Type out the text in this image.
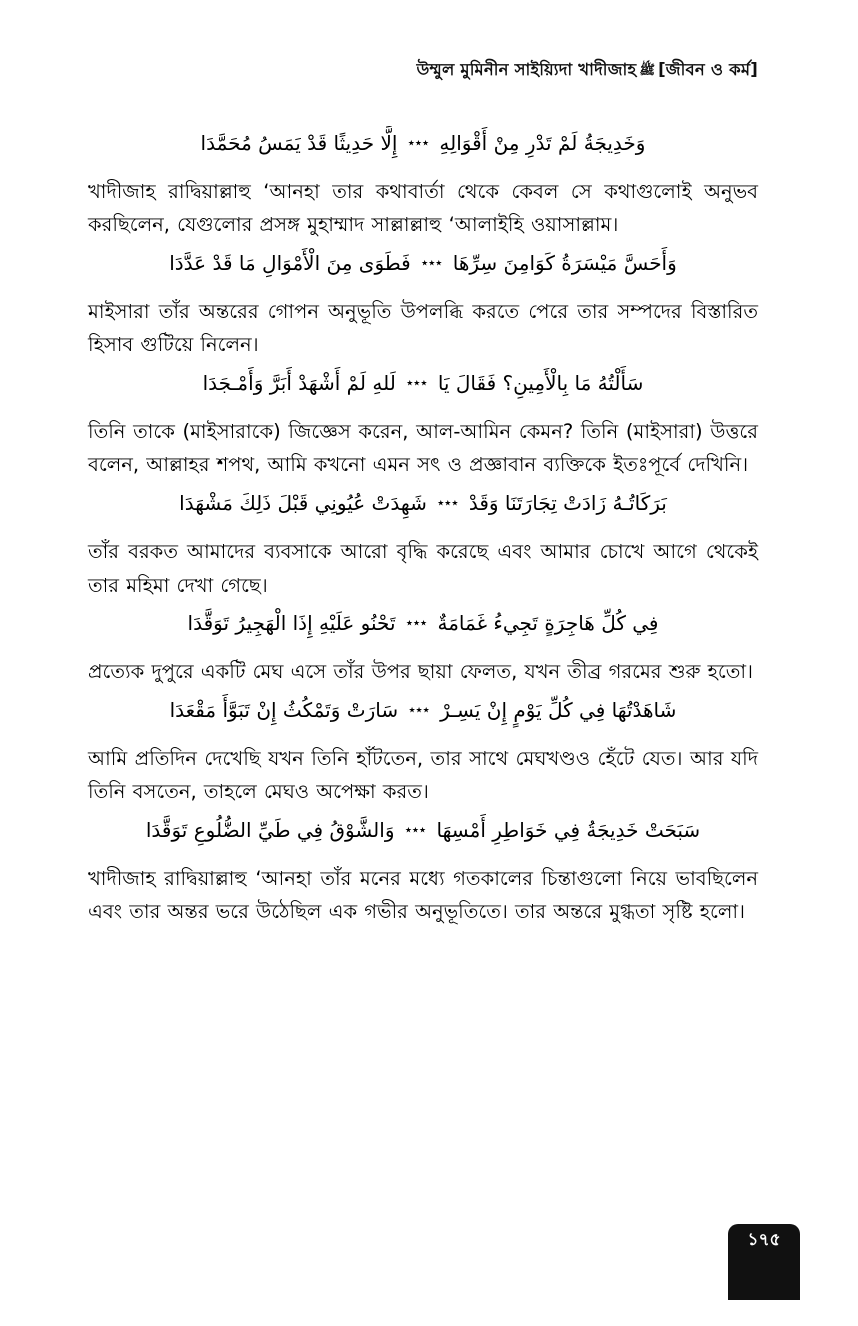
উম্মুল মুমিনীন সাইয়্যিদা খাদীজাহ ﷺ [জীবন ও কর্ম]

وَخَدِيجَةُ لَمْ تَدْرِ مِنْ أَقْوَالِهِ ٭٭٭ إِلَّا حَدِيثًا قَدْ يَمَسُ مُحَمَّدَا

খাদীজাহ রাদ্বিয়াল্লাহু ‘আনহা তার কথাবার্তা থেকে কেবল সে কথাগুলোই অনুভব করছিলেন, যেগুলোর প্রসঙ্গ মুহাম্মাদ সাল্লাল্লাহু ‘আলাইহি ওয়াসাল্লাম।

وَأَحَسَّ مَيْسَرَةُ كَوَامِنَ سِرِّهَا ٭٭٭ فَطَوَى مِنَ الْأَمْوَالِ مَا قَدْ عَدَّدَا

মাইসারা তাঁর অন্তরের গোপন অনুভূতি উপলব্ধি করতে পেরে তার সম্পদের বিস্তারিত হিসাব গুটিয়ে নিলেন।

سَأَلْتُهُ مَا بِالْأَمِينِ؟ فَقَالَ يَا ٭٭٭ لَلهِ لَمْ أَشْهَدْ أَبَرَّ وَأَمْـجَدَا

তিনি তাকে (মাইসারাকে) জিজ্ঞেস করেন, আল-আমিন কেমন? তিনি (মাইসারা) উত্তরে বলেন, আল্লাহর শপথ, আমি কখনো এমন সৎ ও প্রজ্ঞাবান ব্যক্তিকে ইতঃপূর্বে দেখিনি।

بَرَكَاتُـهُ زَادَتْ تِجَارَتَنَا وَقَدْ ٭٭٭ شَهِدَتْ عُيُونِي قَبْلَ ذَلِكَ مَشْهَدَا

তাঁর বরকত আমাদের ব্যবসাকে আরো বৃদ্ধি করেছে এবং আমার চোখে আগে থেকেই তার মহিমা দেখা গেছে।

فِي كُلِّ هَاجِرَةٍ تَجِيءُ غَمَامَةٌ ٭٭٭ تَحْنُو عَلَيْهِ إِذَا الْهَجِيرُ تَوَقَّدَا

প্রত্যেক দুপুরে একটি মেঘ এসে তাঁর উপর ছায়া ফেলত, যখন তীব্র গরমের শুরু হতো।

شَاهَدْتُهَا فِي كُلِّ يَوْمٍ إِنْ يَسِـرْ ٭٭٭ سَارَتْ وَتَمْكُثُ إِنْ تَبَوَّأَ مَقْعَدَا

আমি প্রতিদিন দেখেছি যখন তিনি হাঁটতেন, তার সাথে মেঘখণ্ডও হেঁটে যেত। আর যদি তিনি বসতেন, তাহলে মেঘও অপেক্ষা করত।

سَبَحَتْ خَدِيجَةُ فِي خَوَاطِرِ أَمْسِهَا ٭٭٭ وَالشَّوْقُ فِي طَيِّ الضُّلُوعِ تَوَقَّدَا

খাদীজাহ রাদ্বিয়াল্লাহু ‘আনহা তাঁর মনের মধ্যে গতকালের চিন্তাগুলো নিয়ে ভাবছিলেন এবং তার অন্তর ভরে উঠেছিল এক গভীর অনুভূতিতে। তার অন্তরে মুগ্ধতা সৃষ্টি হলো।

১৭৫
